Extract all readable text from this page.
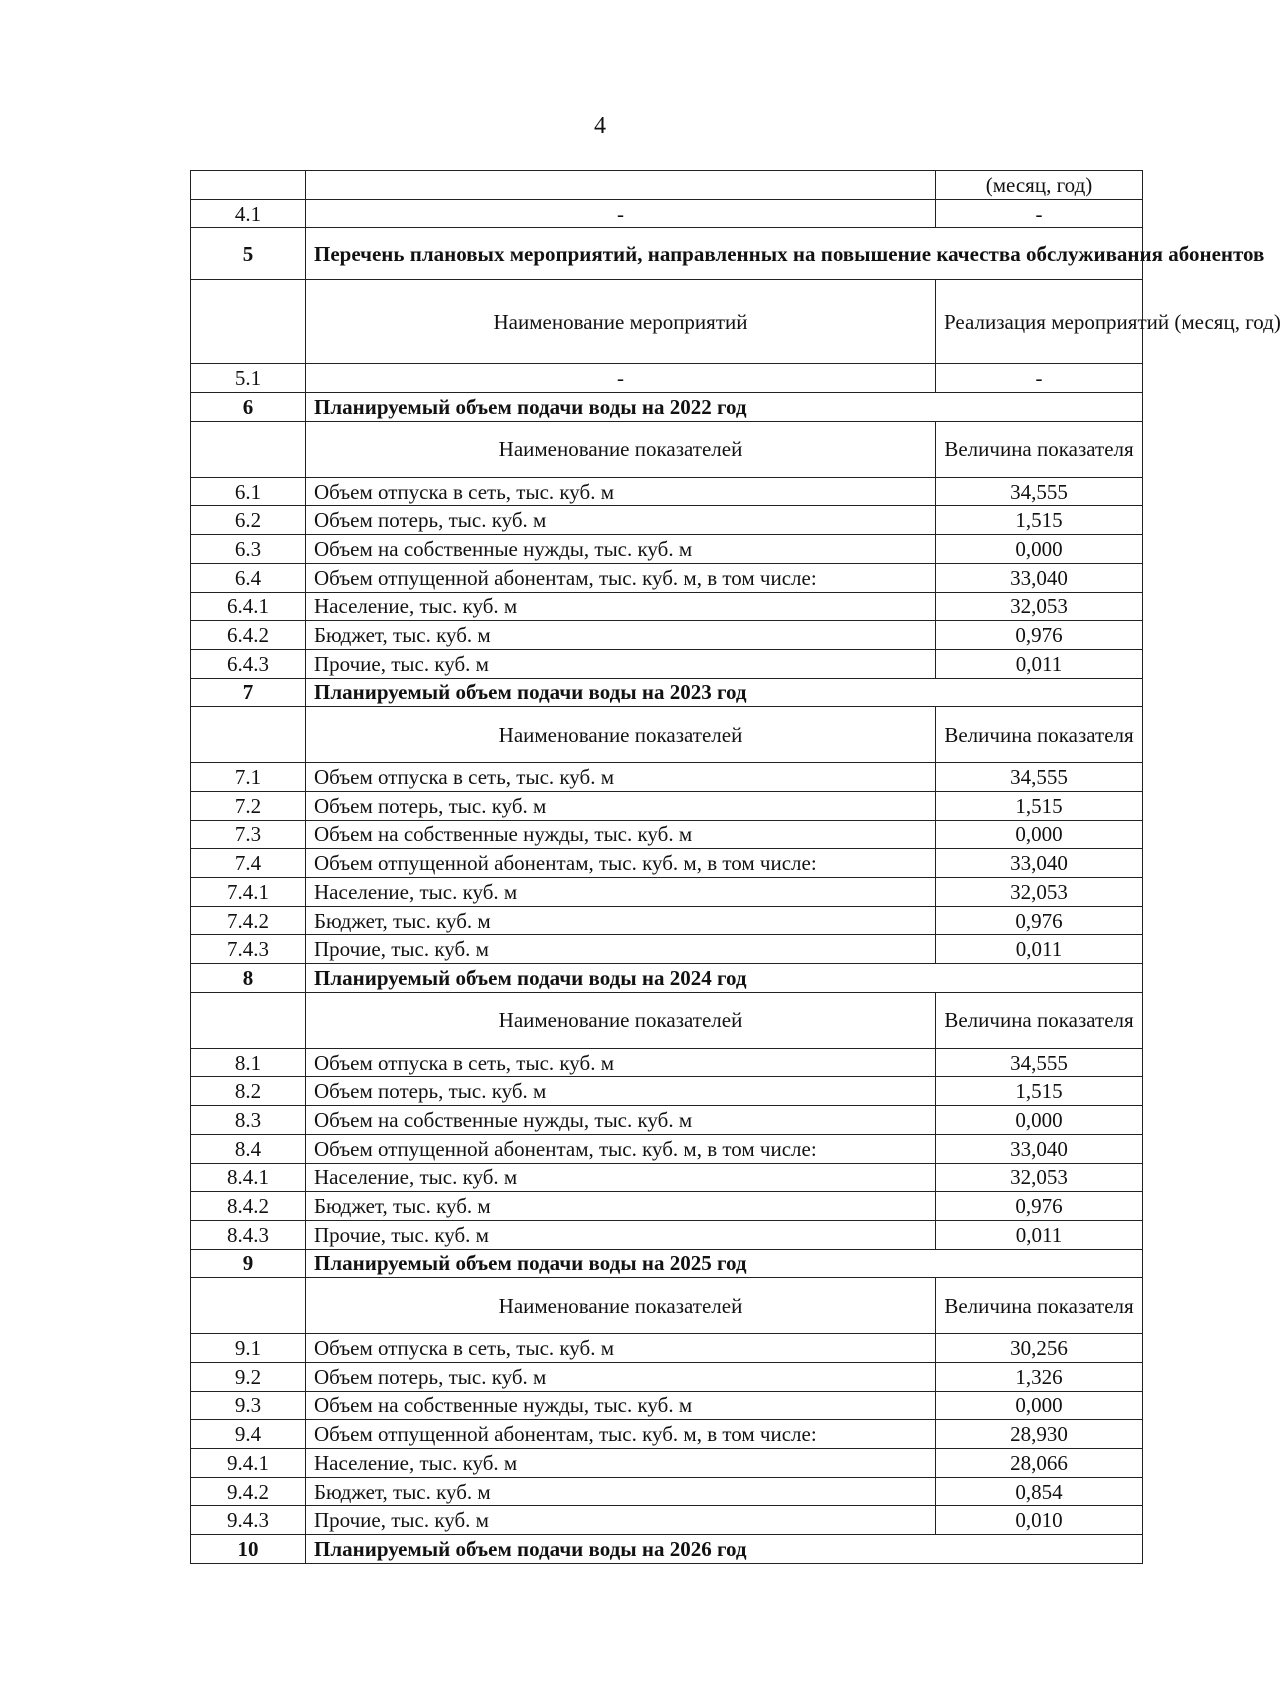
4
		(месяц, год)
4.1	-	-
5	Перечень плановых мероприятий, направленных на повышение качества обслуживания абонентов	
	Наименование мероприятий	Реализация мероприятий (месяц, год)
5.1	-	-
6	Планируемый объем подачи воды на 2022 год	
	Наименование показателей	Величина показателя
6.1	Объем отпуска в сеть, тыс. куб. м	34,555
6.2	Объем потерь, тыс. куб. м	1,515
6.3	Объем на собственные нужды, тыс. куб. м	0,000
6.4	Объем отпущенной абонентам, тыс. куб. м, в том числе:	33,040
6.4.1	Население, тыс. куб. м	32,053
6.4.2	Бюджет, тыс. куб. м	0,976
6.4.3	Прочие, тыс. куб. м	0,011
7	Планируемый объем подачи воды на 2023 год	
	Наименование показателей	Величина показателя
7.1	Объем отпуска в сеть, тыс. куб. м	34,555
7.2	Объем потерь, тыс. куб. м	1,515
7.3	Объем на собственные нужды, тыс. куб. м	0,000
7.4	Объем отпущенной абонентам, тыс. куб. м, в том числе:	33,040
7.4.1	Население, тыс. куб. м	32,053
7.4.2	Бюджет, тыс. куб. м	0,976
7.4.3	Прочие, тыс. куб. м	0,011
8	Планируемый объем подачи воды на 2024 год	
	Наименование показателей	Величина показателя
8.1	Объем отпуска в сеть, тыс. куб. м	34,555
8.2	Объем потерь, тыс. куб. м	1,515
8.3	Объем на собственные нужды, тыс. куб. м	0,000
8.4	Объем отпущенной абонентам, тыс. куб. м, в том числе:	33,040
8.4.1	Население, тыс. куб. м	32,053
8.4.2	Бюджет, тыс. куб. м	0,976
8.4.3	Прочие, тыс. куб. м	0,011
9	Планируемый объем подачи воды на 2025 год	
	Наименование показателей	Величина показателя
9.1	Объем отпуска в сеть, тыс. куб. м	30,256
9.2	Объем потерь, тыс. куб. м	1,326
9.3	Объем на собственные нужды, тыс. куб. м	0,000
9.4	Объем отпущенной абонентам, тыс. куб. м, в том числе:	28,930
9.4.1	Население, тыс. куб. м	28,066
9.4.2	Бюджет, тыс. куб. м	0,854
9.4.3	Прочие, тыс. куб. м	0,010
10	Планируемый объем подачи воды на 2026 год	
